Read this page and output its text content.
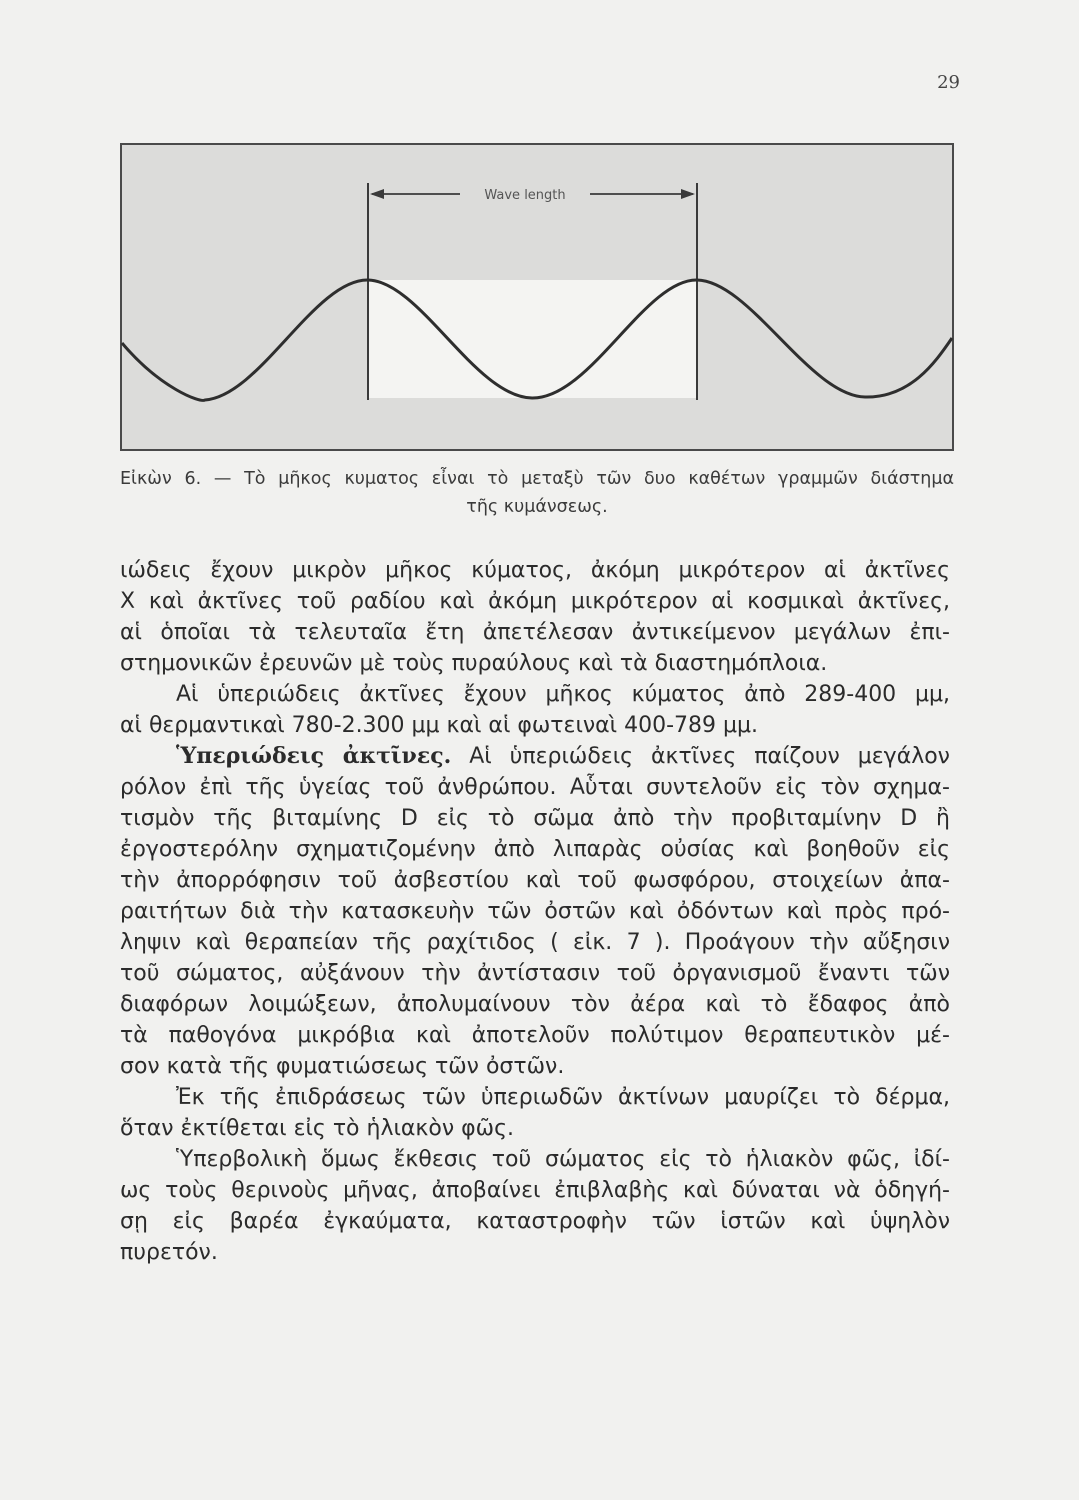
29
Wave length
Εἰκὼν 6. — Τὸ μῆκος κυματος εἶναι τὸ μεταξὺ τῶν δυο καθέτων γραμμῶν διάστημα
τῆς κυμάνσεως.

ιώδεις ἔχουν μικρὸν μῆκος κύματος, ἀκόμη μικρότερον αἱ ἀκτῖνες
Χ καὶ ἀκτῖνες τοῦ ραδίου καὶ ἀκόμη μικρότερον αἱ κοσμικαὶ ἀκτῖνες,
αἱ ὁποῖαι τὰ τελευταῖα ἔτη ἀπετέλεσαν ἀντικείμενον μεγάλων ἐπι-
στημονικῶν ἐρευνῶν μὲ τοὺς πυραύλους καὶ τὰ διαστημόπλοια.

Αἱ ὑπεριώδεις ἀκτῖνες ἔχουν μῆκος κύματος ἀπὸ 289-400 μμ,
αἱ θερμαντικαὶ 780-2.300 μμ καὶ αἱ φωτειναὶ 400-789 μμ.

Ὑπεριώδεις ἀκτῖνες. Αἱ ὑπεριώδεις ἀκτῖνες παίζουν μεγάλον
ρόλον ἐπὶ τῆς ὑγείας τοῦ ἀνθρώπου. Αὗται συντελοῦν εἰς τὸν σχημα-
τισμὸν τῆς βιταμίνης D εἰς τὸ σῶμα ἀπὸ τὴν προβιταμίνην D ἢ
ἐργοστερόλην σχηματιζομένην ἀπὸ λιπαρὰς οὐσίας καὶ βοηθοῦν εἰς
τὴν ἀπορρόφησιν τοῦ ἀσβεστίου καὶ τοῦ φωσφόρου, στοιχείων ἀπα-
ραιτήτων διὰ τὴν κατασκευὴν τῶν ὀστῶν καὶ ὀδόντων καὶ πρὸς πρό-
ληψιν καὶ θεραπείαν τῆς ραχίτιδος ( εἰκ. 7 ). Προάγουν τὴν αὔξησιν
τοῦ σώματος, αὐξάνουν τὴν ἀντίστασιν τοῦ ὀργανισμοῦ ἔναντι τῶν
διαφόρων λοιμώξεων, ἀπολυμαίνουν τὸν ἀέρα καὶ τὸ ἔδαφος ἀπὸ
τὰ παθογόνα μικρόβια καὶ ἀποτελοῦν πολύτιμον θεραπευτικὸν μέ-
σον κατὰ τῆς φυματιώσεως τῶν ὀστῶν.

Ἐκ τῆς ἐπιδράσεως τῶν ὑπεριωδῶν ἀκτίνων μαυρίζει τὸ δέρμα,
ὅταν ἐκτίθεται εἰς τὸ ἡλιακὸν φῶς.

Ὑπερβολικὴ ὅμως ἔκθεσις τοῦ σώματος εἰς τὸ ἡλιακὸν φῶς, ἰδί-
ως τοὺς θερινοὺς μῆνας, ἀποβαίνει ἐπιβλαβὴς καὶ δύναται νὰ ὁδηγή-
σῃ εἰς βαρέα ἐγκαύματα, καταστροφὴν τῶν ἱστῶν καὶ ὑψηλὸν
πυρετόν.
